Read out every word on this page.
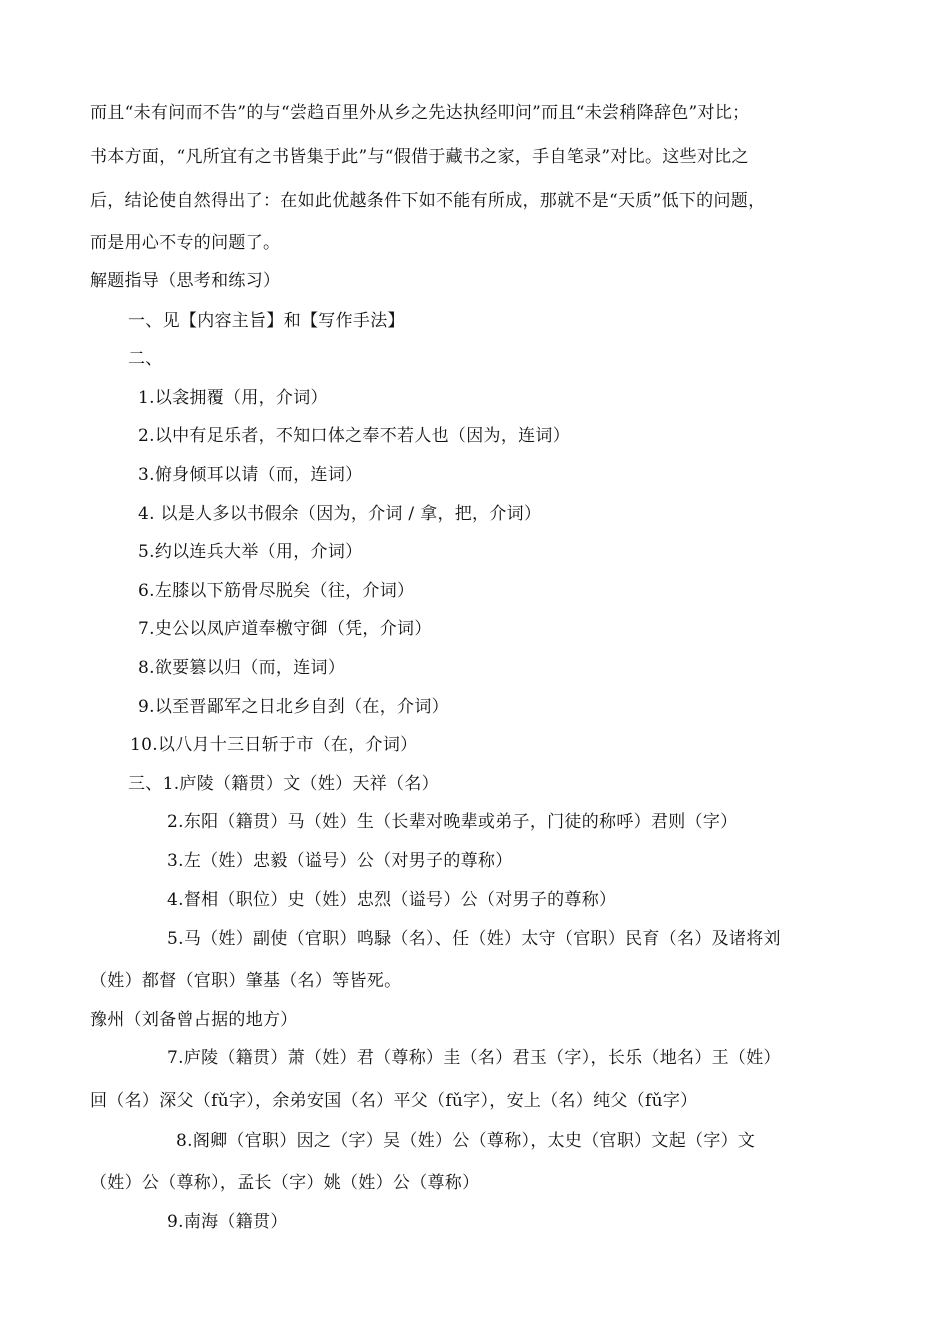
而且“未有问而不告”的与“尝趋百里外从乡之先达执经叩问”而且“未尝稍降辞色”对比；
书本方面，“凡所宜有之书皆集于此”与“假借于藏书之家，手自笔录”对比。这些对比之
后，结论使自然得出了：在如此优越条件下如不能有所成，那就不是“天质”低下的问题，
而是用心不专的问题了。
解题指导（思考和练习）
一、见【内容主旨】和【写作手法】
二、
1.以衾拥覆（用，介词）
2.以中有足乐者，不知口体之奉不若人也（因为，连词）
3.俯身倾耳以请（而，连词）
4. 以是人多以书假余（因为，介词 / 拿，把，介词）
5.约以连兵大举（用，介词）
6.左膝以下筋骨尽脱矣（往，介词）
7.史公以凤庐道奉檄守御（凭，介词）
8.欲要篡以归（而，连词）
9.以至晋鄙军之日北乡自刭（在，介词）
10.以八月十三日斩于市（在，介词）
三、1.庐陵（籍贯）文（姓）天祥（名）
2.东阳（籍贯）马（姓）生（长辈对晚辈或弟子，门徒的称呼）君则（字）
3.左（姓）忠毅（谥号）公（对男子的尊称）
4.督相（职位）史（姓）忠烈（谥号）公（对男子的尊称）
5.马（姓）副使（官职）鸣騄（名）、任（姓）太守（官职）民育（名）及诸将刘
（姓）都督（官职）肇基（名）等皆死。
豫州（刘备曾占据的地方）
7.庐陵（籍贯）萧（姓）君（尊称）圭（名）君玉（字），长乐（地名）王（姓）
回（名）深父（fǔ字），余弟安国（名）平父（fǔ字），安上（名）纯父（fǔ字）
8.阁卿（官职）因之（字）吴（姓）公（尊称），太史（官职）文起（字）文
（姓）公（尊称），孟长（字）姚（姓）公（尊称）
9.南海（籍贯）
